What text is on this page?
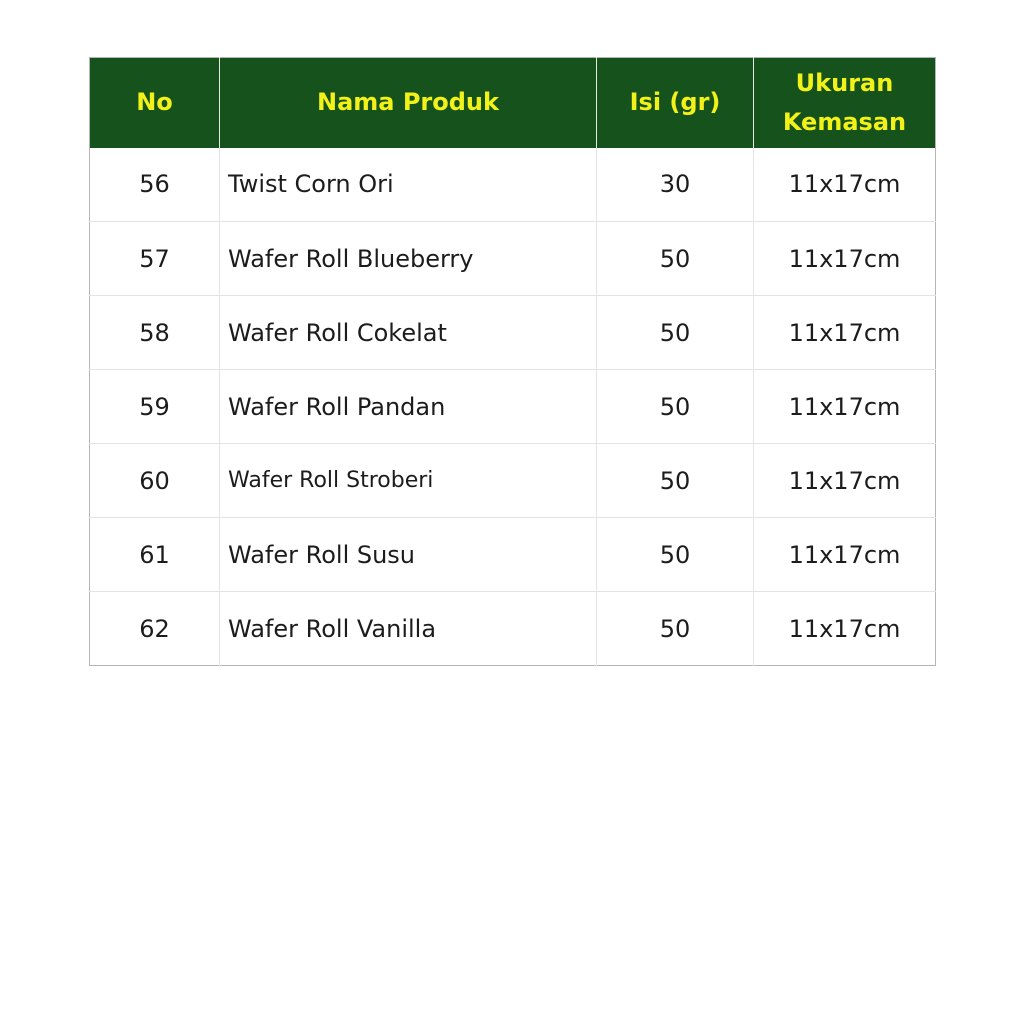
No	Nama Produk	Isi (gr)	Ukuran
Kemasan
56	Twist Corn Ori	30	11x17cm
57	Wafer Roll Blueberry	50	11x17cm
58	Wafer Roll Cokelat	50	11x17cm
59	Wafer Roll Pandan	50	11x17cm
60	Wafer Roll Stroberi	50	11x17cm
61	Wafer Roll Susu	50	11x17cm
62	Wafer Roll Vanilla	50	11x17cm
